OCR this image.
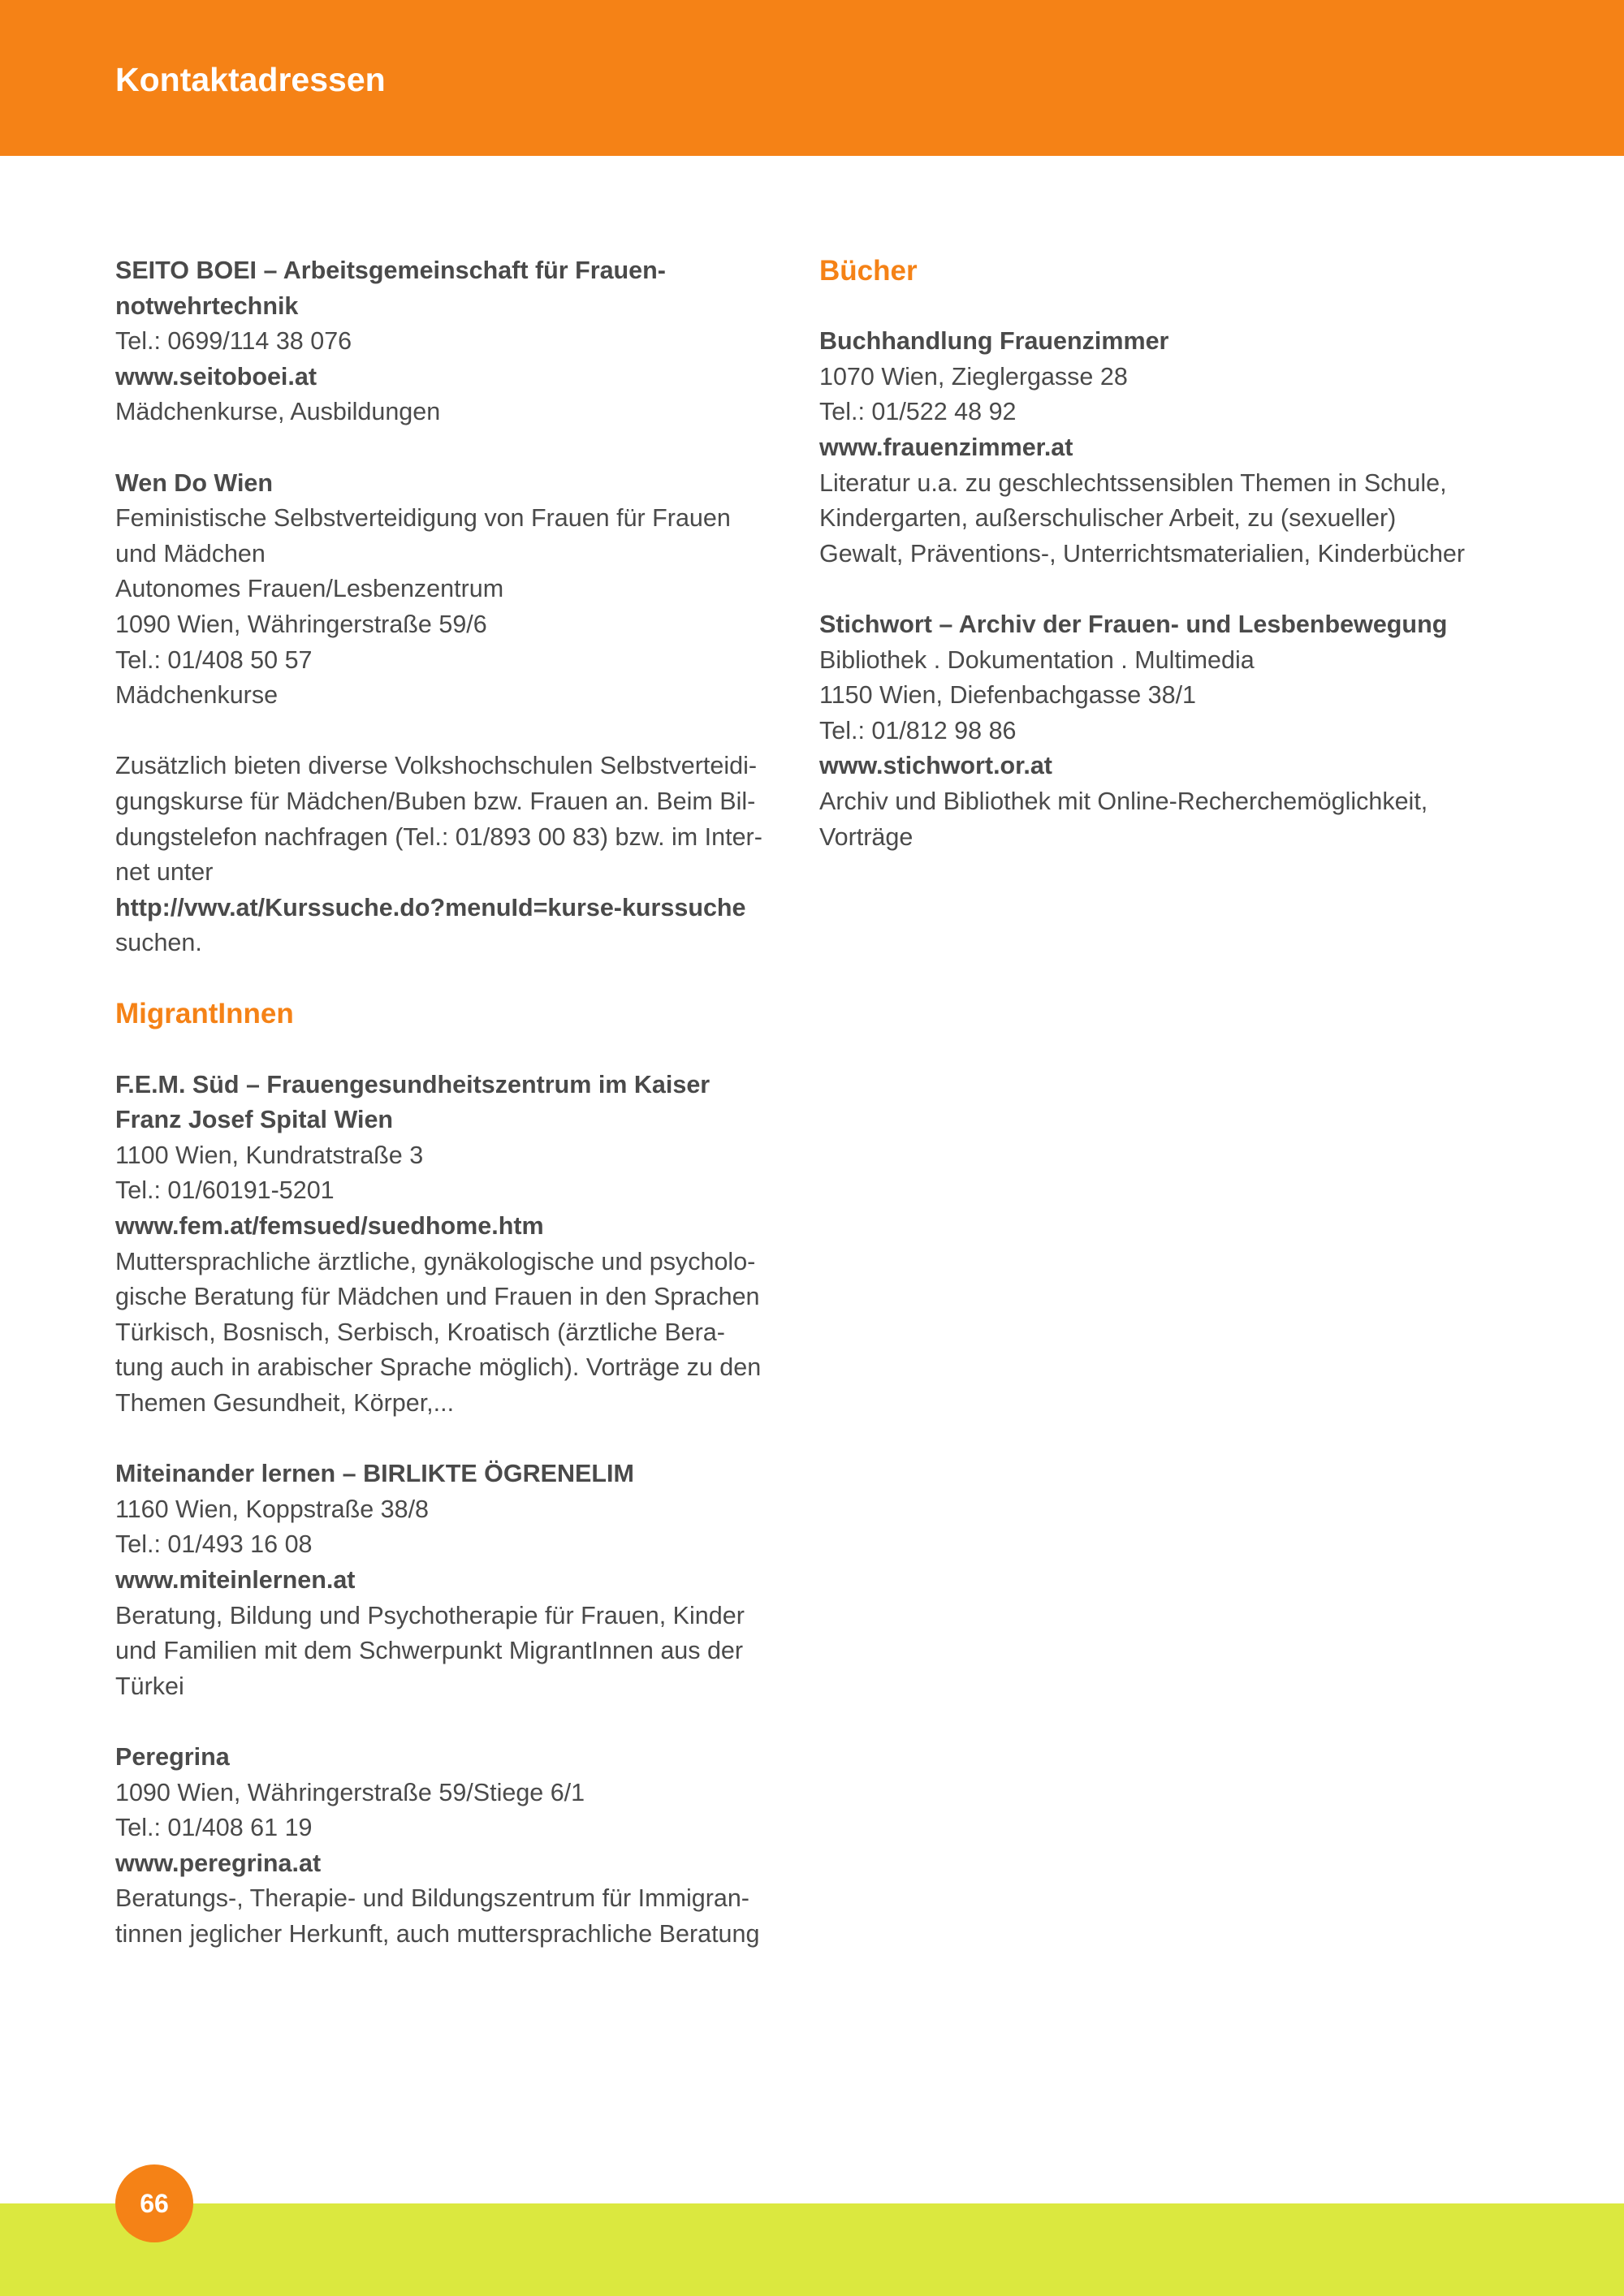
Kontaktadressen
SEITO BOEI – Arbeitsgemeinschaft für Frauen-
notwehrtechnik
Tel.: 0699/114 38 076
www.seitoboei.at
Mädchenkurse, Ausbildungen
Wen Do Wien
Feministische Selbstverteidigung von Frauen für Frauen
und Mädchen
Autonomes Frauen/Lesbenzentrum
1090 Wien, Währingerstraße 59/6
Tel.: 01/408 50 57
Mädchenkurse
Zusätzlich bieten diverse Volkshochschulen Selbstverteidi-
gungskurse für Mädchen/Buben bzw. Frauen an. Beim Bil-
dungstelefon nachfragen (Tel.: 01/893 00 83) bzw. im Inter-
net unter
http://vwv.at/Kurssuche.do?menuId=kurse-kurssuche
suchen.
MigrantInnen
F.E.M. Süd – Frauengesundheitszentrum im Kaiser
Franz Josef Spital Wien
1100 Wien, Kundratstraße 3
Tel.: 01/60191-5201
www.fem.at/femsued/suedhome.htm
Muttersprachliche ärztliche, gynäkologische und psycholo-
gische Beratung für Mädchen und Frauen in den Sprachen
Türkisch, Bosnisch, Serbisch, Kroatisch (ärztliche Bera-
tung auch in arabischer Sprache möglich). Vorträge zu den
Themen Gesundheit, Körper,...
Miteinander lernen – BIRLIKTE ÖGRENELIM
1160 Wien, Koppstraße 38/8
Tel.: 01/493 16 08
www.miteinlernen.at
Beratung, Bildung und Psychotherapie für Frauen, Kinder
und Familien mit dem Schwerpunkt MigrantInnen aus der
Türkei
Peregrina
1090 Wien, Währingerstraße 59/Stiege 6/1
Tel.: 01/408 61 19
www.peregrina.at
Beratungs-, Therapie- und Bildungszentrum für Immigran-
tinnen jeglicher Herkunft, auch muttersprachliche Beratung
Bücher
Buchhandlung Frauenzimmer
1070 Wien, Zieglergasse 28
Tel.: 01/522 48 92
www.frauenzimmer.at
Literatur u.a. zu geschlechtssensiblen Themen in Schule,
Kindergarten, außerschulischer Arbeit, zu (sexueller)
Gewalt, Präventions-, Unterrichtsmaterialien, Kinderbücher
Stichwort – Archiv der Frauen- und Lesbenbewegung
Bibliothek . Dokumentation . Multimedia
1150 Wien, Diefenbachgasse 38/1
Tel.: 01/812 98 86
www.stichwort.or.at
Archiv und Bibliothek mit Online-Recherchemöglichkeit,
Vorträge
66
